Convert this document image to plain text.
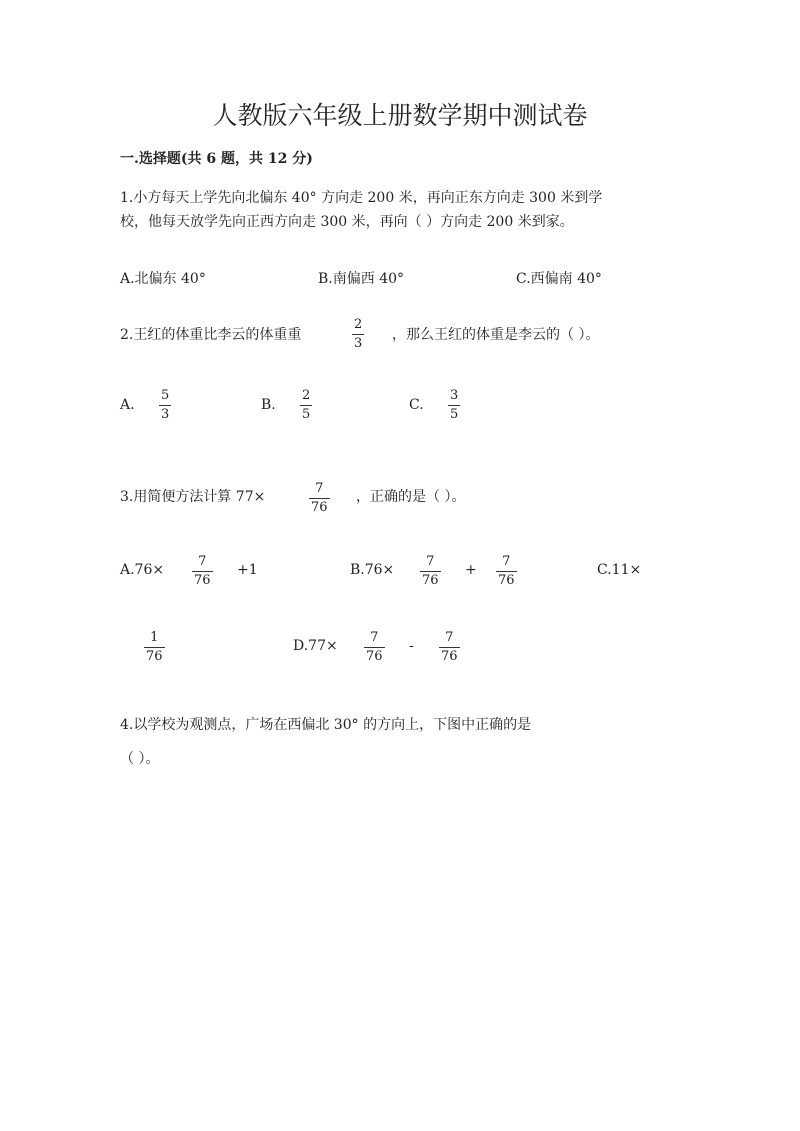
人教版六年级上册数学期中测试卷
一.选择题(共 6 题，共 12 分)
1.小方每天上学先向北偏东 40° 方向走 200 米，再向正东方向走 300 米到学
校，他每天放学先向正西方向走 300 米，再向（ ）方向走 200 米到家。
A.北偏东 40°	B.南偏西 40°	C.西偏南 40°
2.王红的体重比李云的体重重
2
3
，那么王红的体重是李云的（ ）。
A.
5
3
B.
2
5
C.
3
5
3.用简便方法计算 77×
7
76
，正确的是（ ）。
A.76×
7
76
+1	B.76×
7
76
+
7
76
C.11×
1
76
D.77×
7
76
-
7
76
4.以学校为观测点，广场在西偏北 30° 的方向上，下图中正确的是
（ ）。
